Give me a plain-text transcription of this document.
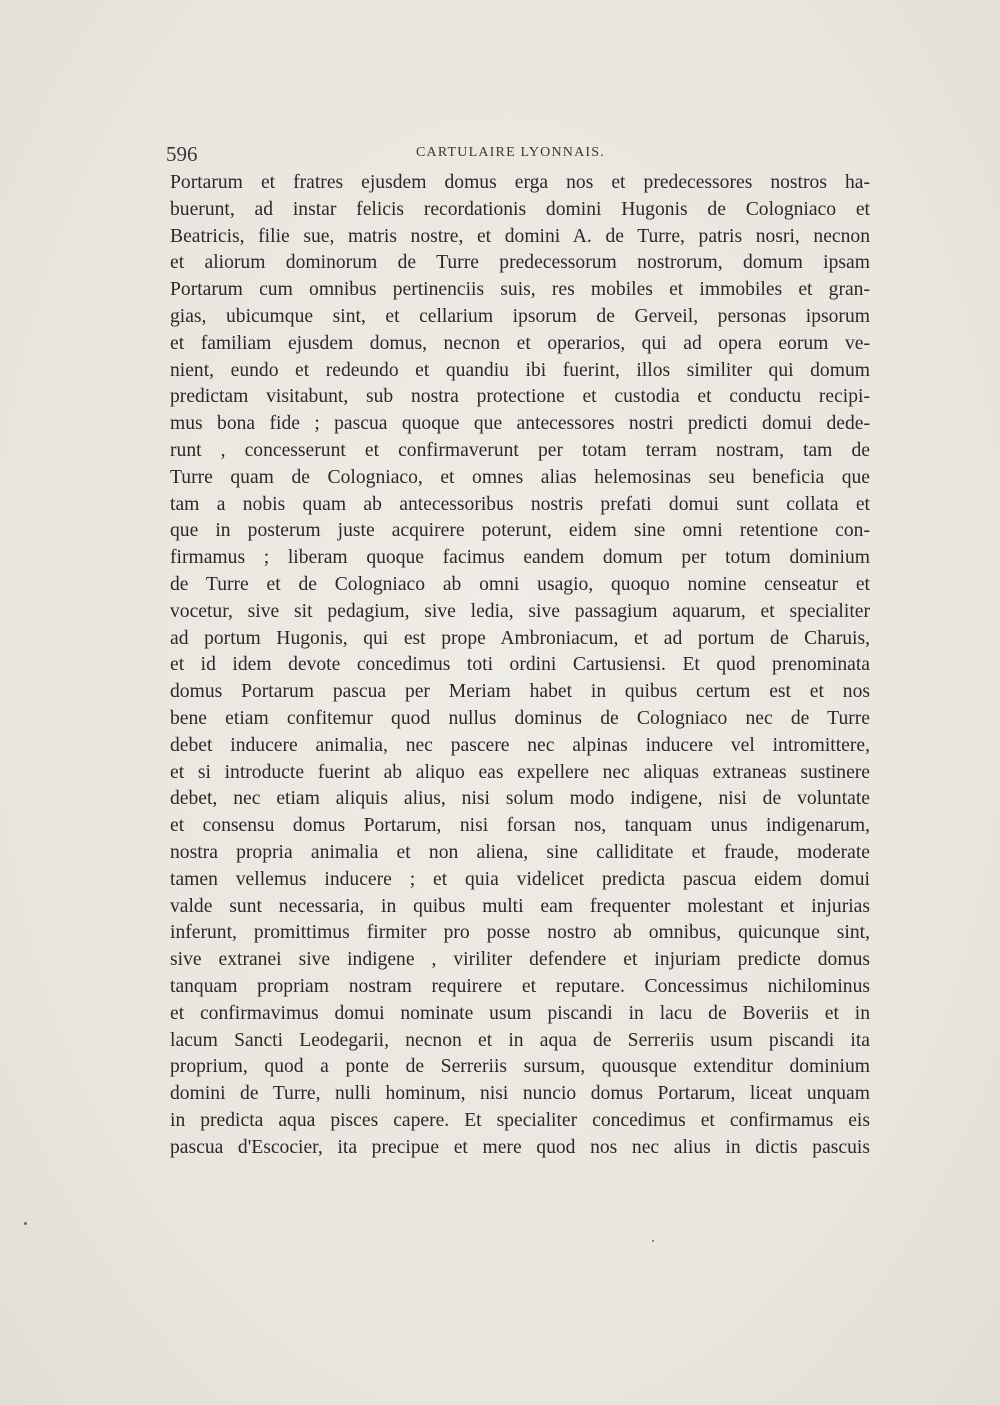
596	CARTULAIRE LYONNAIS.
Portarum et fratres ejusdem domus erga nos et predecessores nostros ha-
buerunt, ad instar felicis recordationis domini Hugonis de Cologniaco et
Beatricis, filie sue, matris nostre, et domini A. de Turre, patris nosri, necnon
et aliorum dominorum de Turre predecessorum nostrorum, domum ipsam
Portarum cum omnibus pertinenciis suis, res mobiles et immobiles et gran-
gias, ubicumque sint, et cellarium ipsorum de Gerveil, personas ipsorum
et familiam ejusdem domus, necnon et operarios, qui ad opera eorum ve-
nient, eundo et redeundo et quandiu ibi fuerint, illos similiter qui domum
predictam visitabunt, sub nostra protectione et custodia et conductu recipi-
mus bona fide ; pascua quoque que antecessores nostri predicti domui dede-
runt , concesserunt et confirmaverunt per totam terram nostram, tam de
Turre quam de Cologniaco, et omnes alias helemosinas seu beneficia que
tam a nobis quam ab antecessoribus nostris prefati domui sunt collata et
que in posterum juste acquirere poterunt, eidem sine omni retentione con-
firmamus ; liberam quoque facimus eandem domum per totum dominium
de Turre et de Cologniaco ab omni usagio, quoquo nomine censeatur et
vocetur, sive sit pedagium, sive ledia, sive passagium aquarum, et specialiter
ad portum Hugonis, qui est prope Ambroniacum, et ad portum de Charuis,
et id idem devote concedimus toti ordini Cartusiensi. Et quod prenominata
domus Portarum pascua per Meriam habet in quibus certum est et nos
bene etiam confitemur quod nullus dominus de Cologniaco nec de Turre
debet inducere animalia, nec pascere nec alpinas inducere vel intromittere,
et si introducte fuerint ab aliquo eas expellere nec aliquas extraneas sustinere
debet, nec etiam aliquis alius, nisi solum modo indigene, nisi de voluntate
et consensu domus Portarum, nisi forsan nos, tanquam unus indigenarum,
nostra propria animalia et non aliena, sine calliditate et fraude, moderate
tamen vellemus inducere ; et quia videlicet predicta pascua eidem domui
valde sunt necessaria, in quibus multi eam frequenter molestant et injurias
inferunt, promittimus firmiter pro posse nostro ab omnibus, quicunque sint,
sive extranei sive indigene , viriliter defendere et injuriam predicte domus
tanquam propriam nostram requirere et reputare. Concessimus nichilominus
et confirmavimus domui nominate usum piscandi in lacu de Boveriis et in
lacum Sancti Leodegarii, necnon et in aqua de Serreriis usum piscandi ita
proprium, quod a ponte de Serreriis sursum, quousque extenditur dominium
domini de Turre, nulli hominum, nisi nuncio domus Portarum, liceat unquam
in predicta aqua pisces capere. Et specialiter concedimus et confirmamus eis
pascua d'Escocier, ita precipue et mere quod nos nec alius in dictis pascuis
